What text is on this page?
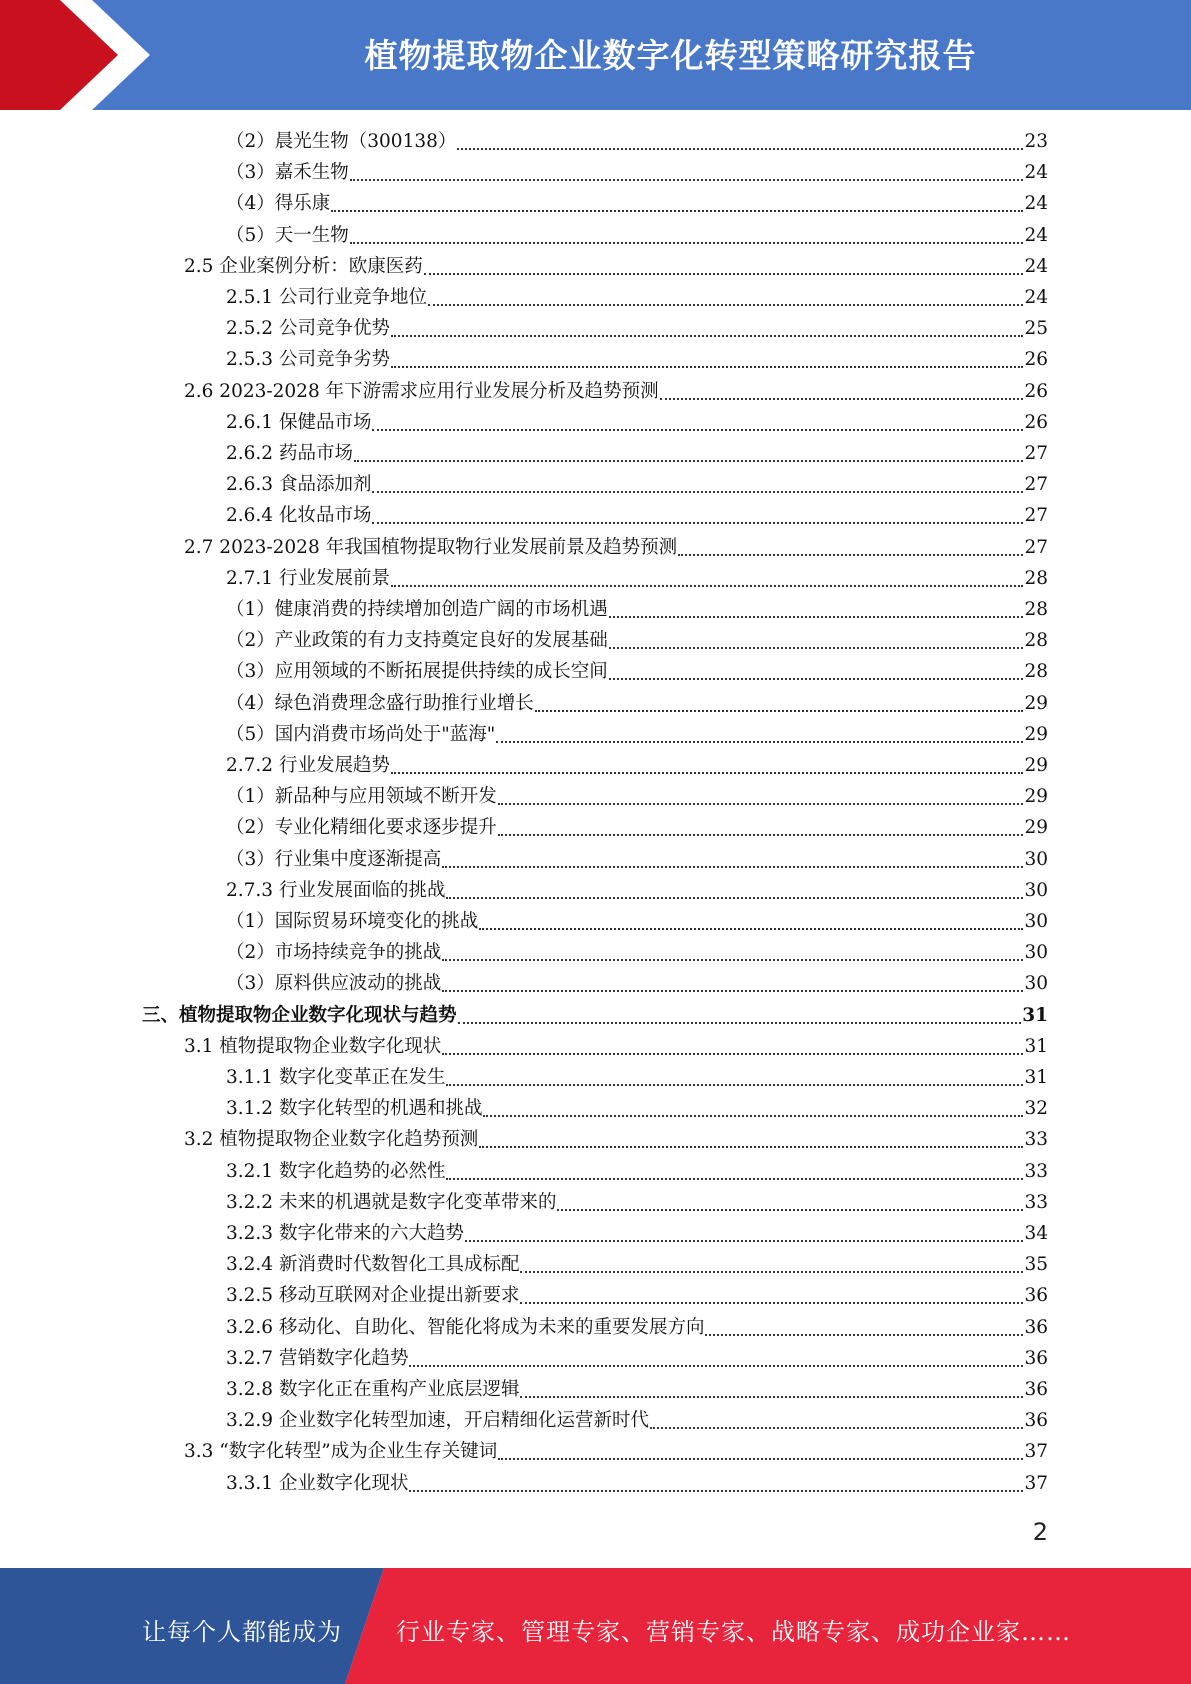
植物提取物企业数字化转型策略研究报告
（2）晨光生物（300138）	23
（3）嘉禾生物	24
（4）得乐康	24
（5）天一生物	24
2.5 企业案例分析：欧康医药	24
2.5.1 公司行业竞争地位	24
2.5.2 公司竞争优势	25
2.5.3 公司竞争劣势	26
2.6 2023-2028 年下游需求应用行业发展分析及趋势预测	26
2.6.1 保健品市场	26
2.6.2 药品市场	27
2.6.3 食品添加剂	27
2.6.4 化妆品市场	27
2.7 2023-2028 年我国植物提取物行业发展前景及趋势预测	27
2.7.1 行业发展前景	28
（1）健康消费的持续增加创造广阔的市场机遇	28
（2）产业政策的有力支持奠定良好的发展基础	28
（3）应用领域的不断拓展提供持续的成长空间	28
（4）绿色消费理念盛行助推行业增长	29
（5）国内消费市场尚处于"蓝海"	29
2.7.2 行业发展趋势	29
（1）新品种与应用领域不断开发	29
（2）专业化精细化要求逐步提升	29
（3）行业集中度逐渐提高	30
2.7.3 行业发展面临的挑战	30
（1）国际贸易环境变化的挑战	30
（2）市场持续竞争的挑战	30
（3）原料供应波动的挑战	30
三、植物提取物企业数字化现状与趋势	31
3.1 植物提取物企业数字化现状	31
3.1.1 数字化变革正在发生	31
3.1.2 数字化转型的机遇和挑战	32
3.2 植物提取物企业数字化趋势预测	33
3.2.1 数字化趋势的必然性	33
3.2.2 未来的机遇就是数字化变革带来的	33
3.2.3 数字化带来的六大趋势	34
3.2.4 新消费时代数智化工具成标配	35
3.2.5 移动互联网对企业提出新要求	36
3.2.6 移动化、自助化、智能化将成为未来的重要发展方向	36
3.2.7 营销数字化趋势	36
3.2.8 数字化正在重构产业底层逻辑	36
3.2.9 企业数字化转型加速，开启精细化运营新时代	36
3.3 “数字化转型”成为企业生存关键词	37
3.3.1 企业数字化现状	37
2
让每个人都能成为 行业专家、管理专家、营销专家、战略专家、成功企业家……
